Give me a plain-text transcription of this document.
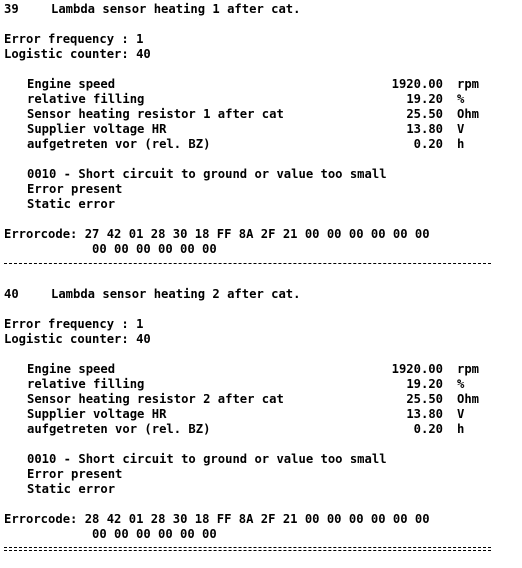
39	Lambda sensor heating 1 after cat.
Error frequency : 1
Logistic counter: 40
Engine speed	1920.00 rpm
relative filling	19.20 %
Sensor heating resistor 1 after cat	25.50 Ohm
Supplier voltage HR	13.80 V
aufgetreten vor (rel. BZ)	0.20 h
0010 - Short circuit to ground or value too small
Error present
Static error
Errorcode: 27 42 01 28 30 18 FF 8A 2F 21 00 00 00 00 00 00
00 00 00 00 00 00
40	Lambda sensor heating 2 after cat.
Error frequency : 1
Logistic counter: 40
Engine speed	1920.00 rpm
relative filling	19.20 %
Sensor heating resistor 2 after cat	25.50 Ohm
Supplier voltage HR	13.80 V
aufgetreten vor (rel. BZ)	0.20 h
0010 - Short circuit to ground or value too small
Error present
Static error
Errorcode: 28 42 01 28 30 18 FF 8A 2F 21 00 00 00 00 00 00
00 00 00 00 00 00
